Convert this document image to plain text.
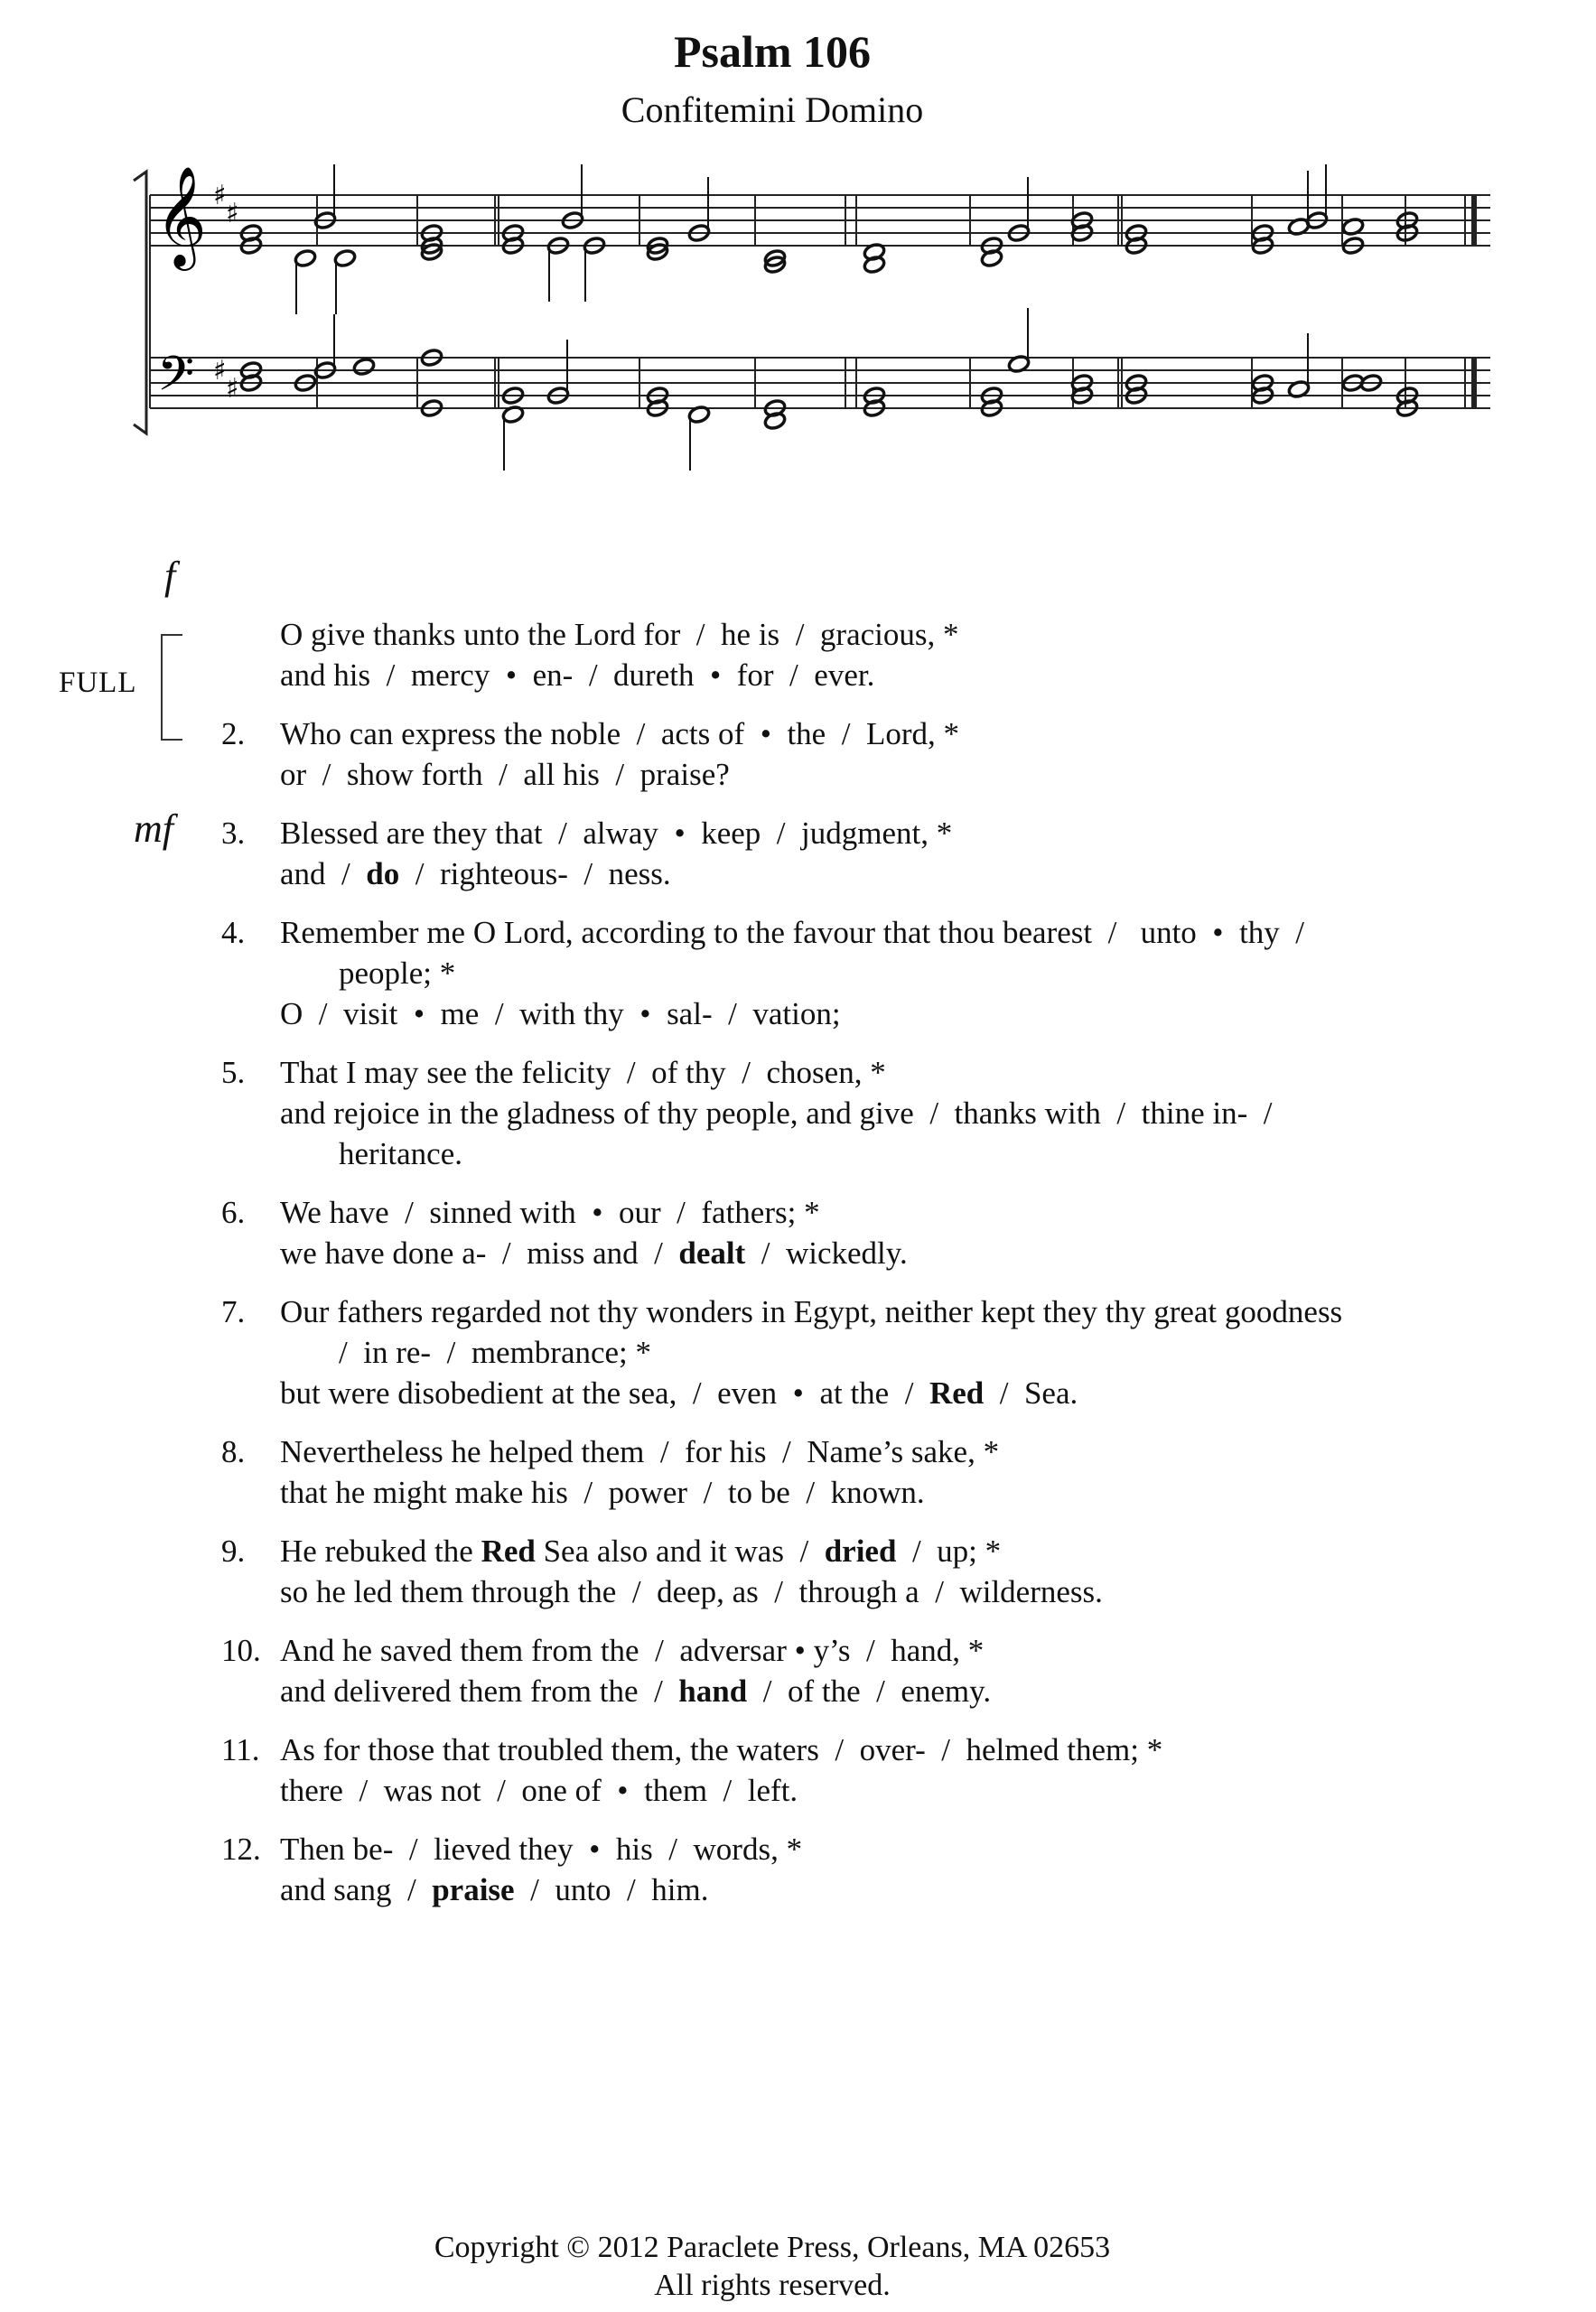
Psalm 106
Confitemini Domino
𝄞
𝄢
♯
♯
♯
♯
f
mf
FULL
O give thanks unto the Lord for / he is / gracious, *
and his / mercy • en- / dureth • for / ever.
2.	Who can express the noble / acts of • the / Lord, *
or / show forth / all his / praise?
3.	Blessed are they that / alway • keep / judgment, *
and / do / righteous- / ness.
4.	Remember me O Lord, according to the favour that thou bearest / unto • thy /
people; *
O / visit • me / with thy • sal- / vation;
5.	That I may see the felicity / of thy / chosen, *
and rejoice in the gladness of thy people, and give / thanks with / thine in- /
heritance.
6.	We have / sinned with • our / fathers; *
we have done a- / miss and / dealt / wickedly.
7.	Our fathers regarded not thy wonders in Egypt, neither kept they thy great goodness
/ in re- / membrance; *
but were disobedient at the sea, / even • at the / Red / Sea.
8.	Nevertheless he helped them / for his / Name’s sake, *
that he might make his / power / to be / known.
9.	He rebuked the Red Sea also and it was / dried / up; *
so he led them through the / deep, as / through a / wilderness.
10. And he saved them from the / adversar • y’s / hand, *
and delivered them from the / hand / of the / enemy.
11. As for those that troubled them, the waters / over- / helmed them; *
there / was not / one of • them / left.
12. Then be- / lieved they • his / words, *
and sang / praise / unto / him.
Copyright © 2012 Paraclete Press, Orleans, MA 02653
All rights reserved.
